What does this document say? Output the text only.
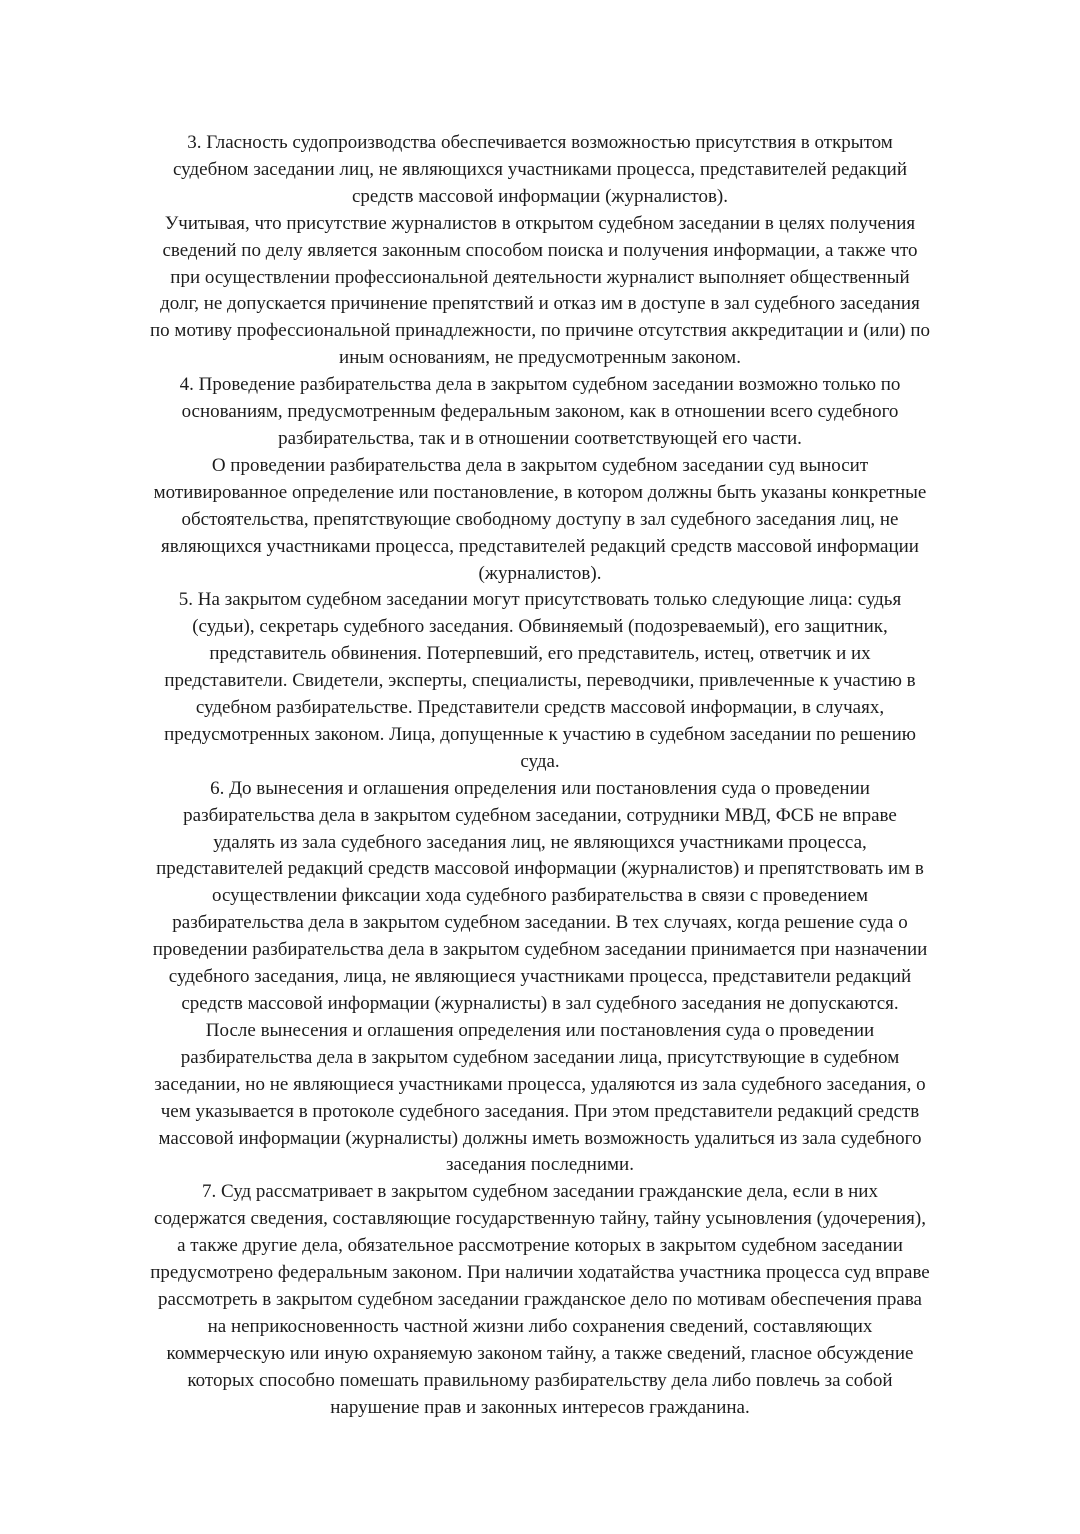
3. Гласность судопроизводства обеспечивается возможностью присутствия в открытом
судебном заседании лиц, не являющихся участниками процесса, представителей редакций
средств массовой информации (журналистов).
Учитывая, что присутствие журналистов в открытом судебном заседании в целях получения
сведений по делу является законным способом поиска и получения информации, а также что
при осуществлении профессиональной деятельности журналист выполняет общественный
долг, не допускается причинение препятствий и отказ им в доступе в зал судебного заседания
по мотиву профессиональной принадлежности, по причине отсутствия аккредитации и (или) по
иным основаниям, не предусмотренным законом.
4. Проведение разбирательства дела в закрытом судебном заседании возможно только по
основаниям, предусмотренным федеральным законом, как в отношении всего судебного
разбирательства, так и в отношении соответствующей его части.
О проведении разбирательства дела в закрытом судебном заседании суд выносит
мотивированное определение или постановление, в котором должны быть указаны конкретные
обстоятельства, препятствующие свободному доступу в зал судебного заседания лиц, не
являющихся участниками процесса, представителей редакций средств массовой информации
(журналистов).
5. На закрытом судебном заседании могут присутствовать только следующие лица: судья
(судьи), секретарь судебного заседания. Обвиняемый (подозреваемый), его защитник,
представитель обвинения. Потерпевший, его представитель, истец, ответчик и их
представители. Свидетели, эксперты, специалисты, переводчики, привлеченные к участию в
судебном разбирательстве. Представители средств массовой информации, в случаях,
предусмотренных законом. Лица, допущенные к участию в судебном заседании по решению
суда.
6. До вынесения и оглашения определения или постановления суда о проведении
разбирательства дела в закрытом судебном заседании, сотрудники МВД, ФСБ не вправе
удалять из зала судебного заседания лиц, не являющихся участниками процесса,
представителей редакций средств массовой информации (журналистов) и препятствовать им в
осуществлении фиксации хода судебного разбирательства в связи с проведением
разбирательства дела в закрытом судебном заседании. В тех случаях, когда решение суда о
проведении разбирательства дела в закрытом судебном заседании принимается при назначении
судебного заседания, лица, не являющиеся участниками процесса, представители редакций
средств массовой информации (журналисты) в зал судебного заседания не допускаются.
После вынесения и оглашения определения или постановления суда о проведении
разбирательства дела в закрытом судебном заседании лица, присутствующие в судебном
заседании, но не являющиеся участниками процесса, удаляются из зала судебного заседания, о
чем указывается в протоколе судебного заседания. При этом представители редакций средств
массовой информации (журналисты) должны иметь возможность удалиться из зала судебного
заседания последними.
7. Суд рассматривает в закрытом судебном заседании гражданские дела, если в них
содержатся сведения, составляющие государственную тайну, тайну усыновления (удочерения),
а также другие дела, обязательное рассмотрение которых в закрытом судебном заседании
предусмотрено федеральным законом. При наличии ходатайства участника процесса суд вправе
рассмотреть в закрытом судебном заседании гражданское дело по мотивам обеспечения права
на неприкосновенность частной жизни либо сохранения сведений, составляющих
коммерческую или иную охраняемую законом тайну, а также сведений, гласное обсуждение
которых способно помешать правильному разбирательству дела либо повлечь за собой
нарушение прав и законных интересов гражданина.
